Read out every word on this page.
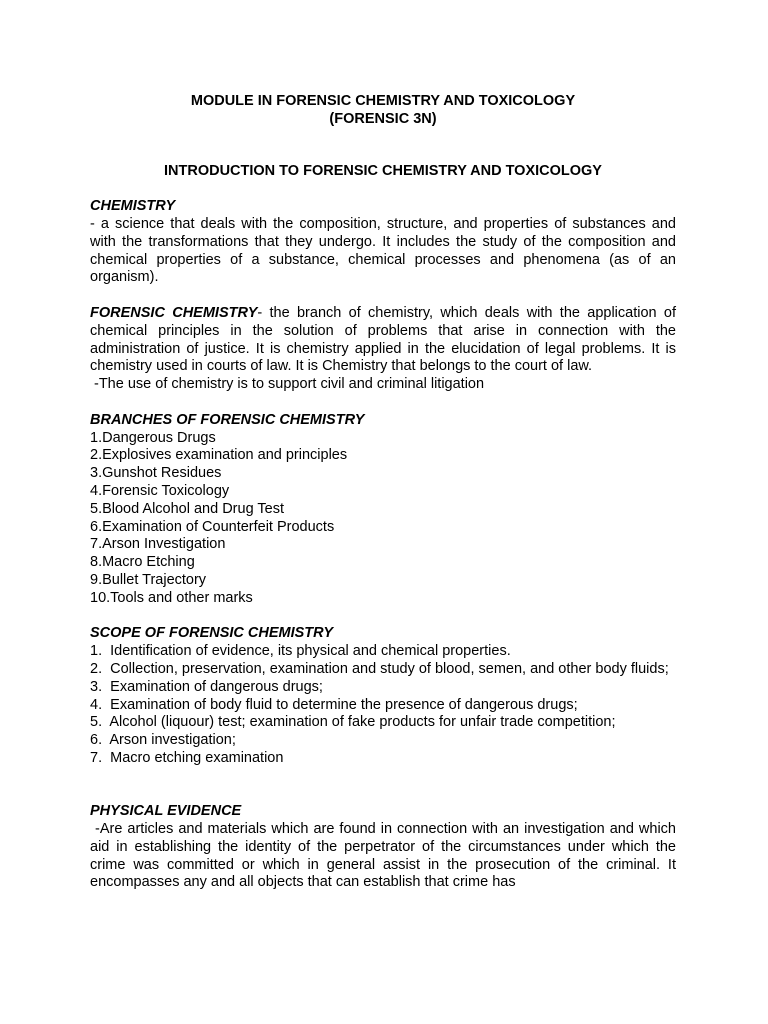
MODULE IN FORENSIC CHEMISTRY AND TOXICOLOGY

(FORENSIC 3N)

INTRODUCTION TO FORENSIC CHEMISTRY AND TOXICOLOGY

CHEMISTRY

- a science that deals with the composition, structure, and properties of substances and with the transformations that they undergo. It includes the study of the composition and chemical properties of a substance, chemical processes and phenomena (as of an organism).

FORENSIC CHEMISTRY- the branch of chemistry, which deals with the application of chemical principles in the solution of problems that arise in connection with the administration of justice. It is chemistry applied in the elucidation of legal problems. It is chemistry used in courts of law. It is Chemistry that belongs to the court of law.

-The use of chemistry is to support civil and criminal litigation

BRANCHES OF FORENSIC CHEMISTRY

1.Dangerous Drugs
2.Explosives examination and principles
3.Gunshot Residues
4.Forensic Toxicology
5.Blood Alcohol and Drug Test
6.Examination of Counterfeit Products
7.Arson Investigation
8.Macro Etching
9.Bullet Trajectory
10.Tools and other marks

SCOPE OF FORENSIC CHEMISTRY

1.  Identification of evidence, its physical and chemical properties.
2.  Collection, preservation, examination and study of blood, semen, and other body fluids;
3.  Examination of dangerous drugs;
4.  Examination of body fluid to determine the presence of dangerous drugs;
5.  Alcohol (liquour) test; examination of fake products for unfair trade competition;
6.  Arson investigation;
7.  Macro etching examination

PHYSICAL EVIDENCE

-Are articles and materials which are found in connection with an investigation and which aid in establishing the identity of the perpetrator of the circumstances under which the crime was committed or which in general assist in the prosecution of the criminal. It encompasses any and all objects that can establish that crime has
